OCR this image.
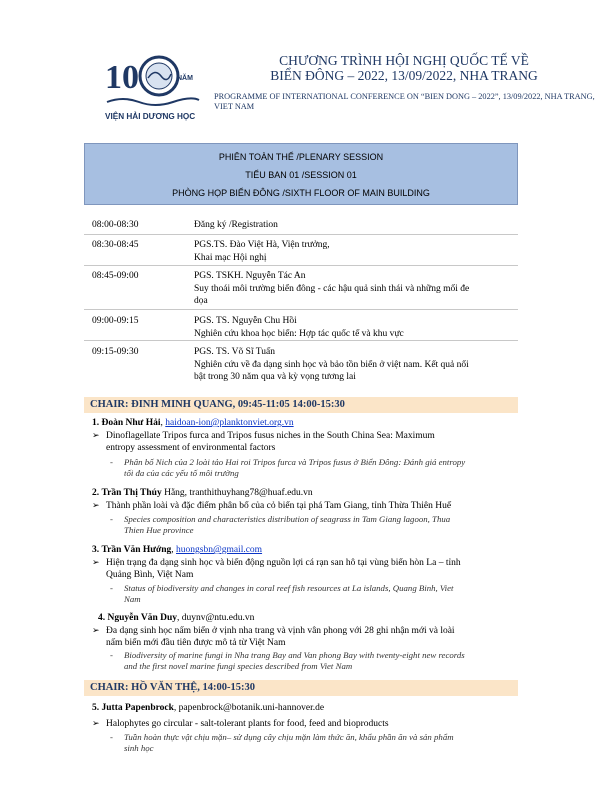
10	NĂM
VIỆN HẢI DƯƠNG HỌC
CHƯƠNG TRÌNH HỘI NGHỊ QUỐC TẾ VỀ
BIỂN ĐÔNG – 2022, 13/09/2022, NHA TRANG
PROGRAMME OF INTERNATIONAL CONFERENCE ON “BIEN DONG – 2022”, 13/09/2022, NHA TRANG, VIET NAM
PHIÊN TOÀN THỂ /PLENARY SESSION
TIỂU BAN 01 /SESSION 01
PHÒNG HỌP BIỂN ĐÔNG /SIXTH FLOOR OF MAIN BUILDING
08:00-08:30	Đăng ký /Registration
08:30-08:45	PGS.TS. Đào Việt Hà, Viện trưởng,
Khai mạc Hội nghị
08:45-09:00	PGS. TSKH. Nguyễn Tác An
Suy thoái môi trường biển đông - các hậu quả sinh thái và những mối đe
dọa
09:00-09:15	PGS. TS. Nguyễn Chu Hồi
Nghiên cứu khoa học biển: Hợp tác quốc tế và khu vực
09:15-09:30	PGS. TS. Võ Sĩ Tuấn
Nghiên cứu về đa dạng sinh học và bảo tồn biển ở việt nam. Kết quả nổi
bật trong 30 năm qua và kỳ vọng tương lai
CHAIR: ĐINH MINH QUANG, 09:45-11:05 14:00-15:30
1. Đoàn Như Hải, haidoan-ion@planktonviet.org.vn
➢ Dinoflagellate Tripos furca and Tripos fusus niches in the South China Sea: Maximum
entropy assessment of environmental factors
-	Phân bố Nich của 2 loài tảo Hai roi Tripos furca và Tripos fusus ở Biển Đông: Đánh giá entropy
tối đa của các yếu tố môi trường
2. Trần Thị Thúy Hằng, tranthithuyhang78@huaf.edu.vn
➢ Thành phần loài và đặc điểm phân bố của cỏ biển tại phá Tam Giang, tỉnh Thừa Thiên Huế
-	Species composition and characteristics distribution of seagrass in Tam Giang lagoon, Thua
Thien Hue province
3. Trần Văn Hướng, huongsbn@gmail.com
➢ Hiện trạng đa dạng sinh học và biến động nguồn lợi cá rạn san hô tại vùng biển hòn La – tỉnh
Quảng Bình, Việt Nam
-	Status of biodiversity and changes in coral reef fish resources at La islands, Quang Binh, Viet
Nam
4. Nguyễn Văn Duy, duynv@ntu.edu.vn
➢ Đa dạng sinh học nấm biển ở vịnh nha trang và vịnh vân phong với 28 ghi nhận mới và loài
nấm biển mới đầu tiên được mô tả từ Việt Nam
-	Biodiversity of marine fungi in Nha trang Bay and Van phong Bay with twenty-eight new records
and the first novel marine fungi species described from Viet Nam
CHAIR: HỒ VĂN THỆ, 14:00-15:30
5. Jutta Papenbrock, papenbrock@botanik.uni-hannover.de
➢ Halophytes go circular - salt-tolerant plants for food, feed and bioproducts
-	Tuần hoàn thực vật chịu mặn– sử dụng cây chịu mặn làm thức ăn, khẩu phần ăn và sản phẩm
sinh học
